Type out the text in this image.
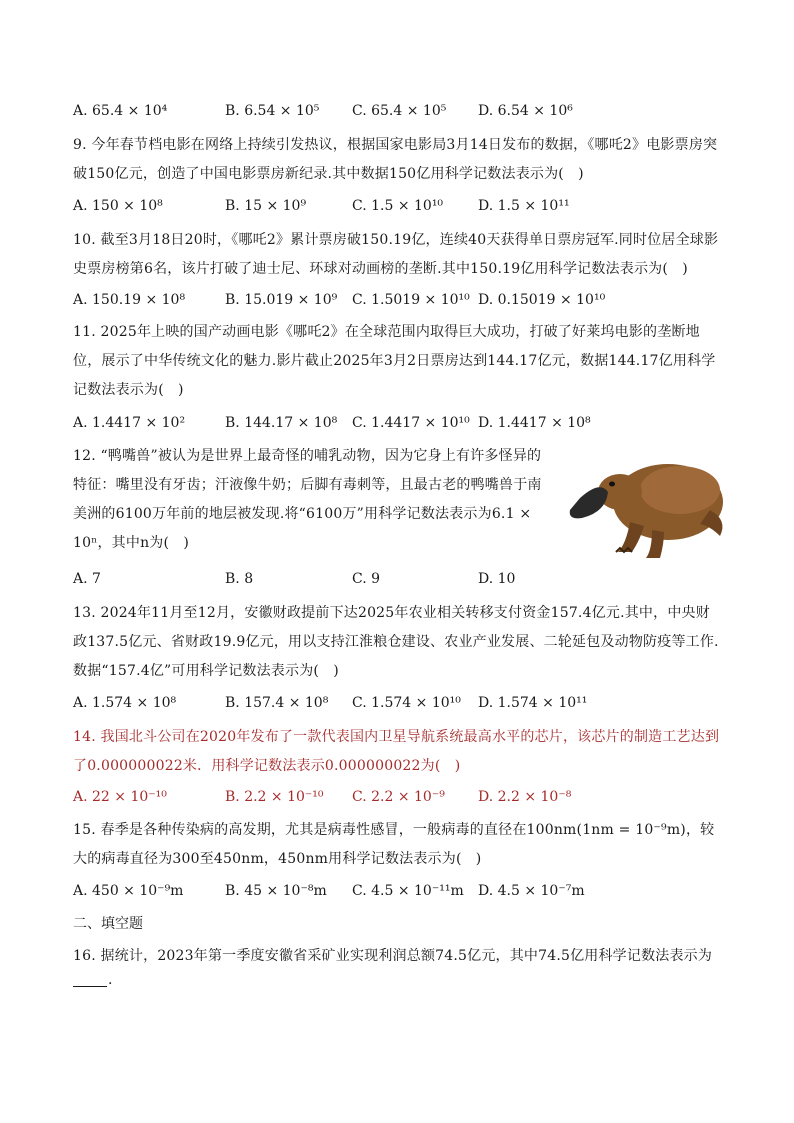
A. 65.4 × 10⁴	B. 6.54 × 10⁵ C. 65.4 × 10⁵ D. 6.54 × 10⁶
9. 今年春节档电影在网络上持续引发热议，根据国家电影局3月14日发布的数据，《哪吒2》电影票房突破150亿元，创造了中国电影票房新纪录.其中数据150亿用科学记数法表示为(　)
A. 150 × 10⁸	B. 15 × 10⁹	C. 1.5 × 10¹⁰ D. 1.5 × 10¹¹
10. 截至3月18日20时，《哪吒2》累计票房破150.19亿，连续40天获得单日票房冠军.同时位居全球影史票房榜第6名，该片打破了迪士尼、环球对动画榜的垄断.其中150.19亿用科学记数法表示为(　)
A. 150.19 × 10⁸	B. 15.019 × 10⁹ C. 1.5019 × 10¹⁰ D. 0.15019 × 10¹⁰
11. 2025年上映的国产动画电影《哪吒2》在全球范围内取得巨大成功，打破了好莱坞电影的垄断地位，展示了中华传统文化的魅力.影片截止2025年3月2日票房达到144.17亿元，数据144.17亿用科学记数法表示为(　)
A. 1.4417 × 10²	B. 144.17 × 10⁸ C. 1.4417 × 10¹⁰ D. 1.4417 × 10⁸
12. “鸭嘴兽”被认为是世界上最奇怪的哺乳动物，因为它身上有许多怪异的特征：嘴里没有牙齿；汗液像牛奶；后脚有毒刺等，且最古老的鸭嘴兽于南美洲的6100万年前的地层被发现.将“6100万”用科学记数法表示为6.1 × 10ⁿ，其中n为(　)
A. 7	B. 8	C. 9	D. 10
13. 2024年11月至12月，安徽财政提前下达2025年农业相关转移支付资金157.4亿元.其中，中央财政137.5亿元、省财政19.9亿元，用以支持江淮粮仓建设、农业产业发展、二轮延包及动物防疫等工作.数据“157.4亿”可用科学记数法表示为(　)
A. 1.574 × 10⁸	B. 157.4 × 10⁸ C. 1.574 × 10¹⁰ D. 1.574 × 10¹¹
14. 我国北斗公司在2020年发布了一款代表国内卫星导航系统最高水平的芯片，该芯片的制造工艺达到了0.000000022米．用科学记数法表示0.000000022为(　)
A. 22 × 10⁻¹⁰	B. 2.2 × 10⁻¹⁰ C. 2.2 × 10⁻⁹ D. 2.2 × 10⁻⁸
15. 春季是各种传染病的高发期，尤其是病毒性感冒，一般病毒的直径在100nm(1nm = 10⁻⁹m)，较大的病毒直径为300至450nm，450nm用科学记数法表示为(　)
A. 450 × 10⁻⁹m	B. 45 × 10⁻⁸m C. 4.5 × 10⁻¹¹m D. 4.5 × 10⁻⁷m
二、填空题
16. 据统计，2023年第一季度安徽省采矿业实现利润总额74.5亿元，其中74.5亿用科学记数法表示为
.
